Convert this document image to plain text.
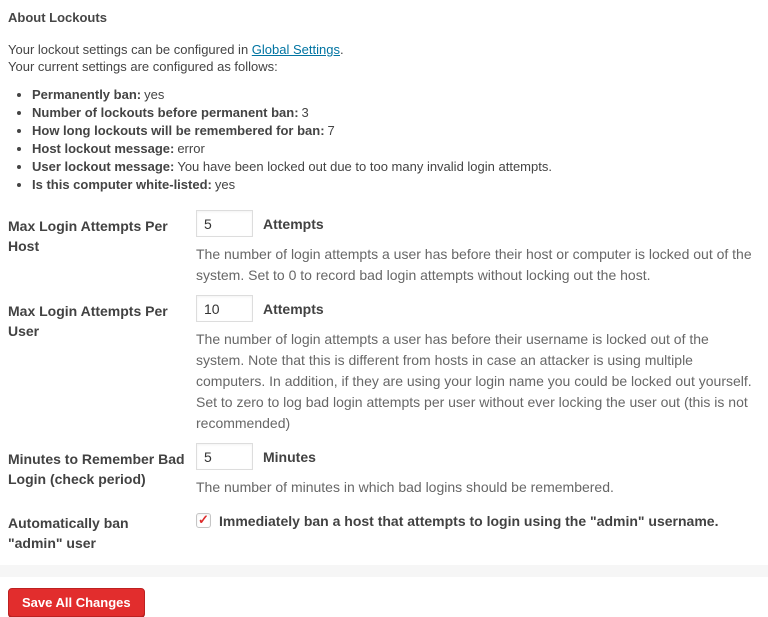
About Lockouts
Your lockout settings can be configured in Global Settings.
Your current settings are configured as follows:
• Permanently ban: yes
• Number of lockouts before permanent ban: 3
• How long lockouts will be remembered for ban: 7
• Host lockout message: error
• User lockout message: You have been locked out due to too many invalid login attempts.
• Is this computer white-listed: yes
Max Login Attempts Per Host	
5
Attempts

The number of login attempts a user has before their host or computer is locked out of the system. Set to 0 to record bad login attempts without locking out the host.

Max Login Attempts Per User	
10
Attempts

The number of login attempts a user has before their username is locked out of the system. Note that this is different from hosts in case an attacker is using multiple computers. In addition, if they are using your login name you could be locked out yourself. Set to zero to log bad login attempts per user without ever locking the user out (this is not recommended)

Minutes to Remember Bad Login (check period)	
5
Minutes

The number of minutes in which bad logins should be remembered.

Automatically ban "admin" user	✓ Immediately ban a host that attempts to login using the "admin" username.
Save All Changes
